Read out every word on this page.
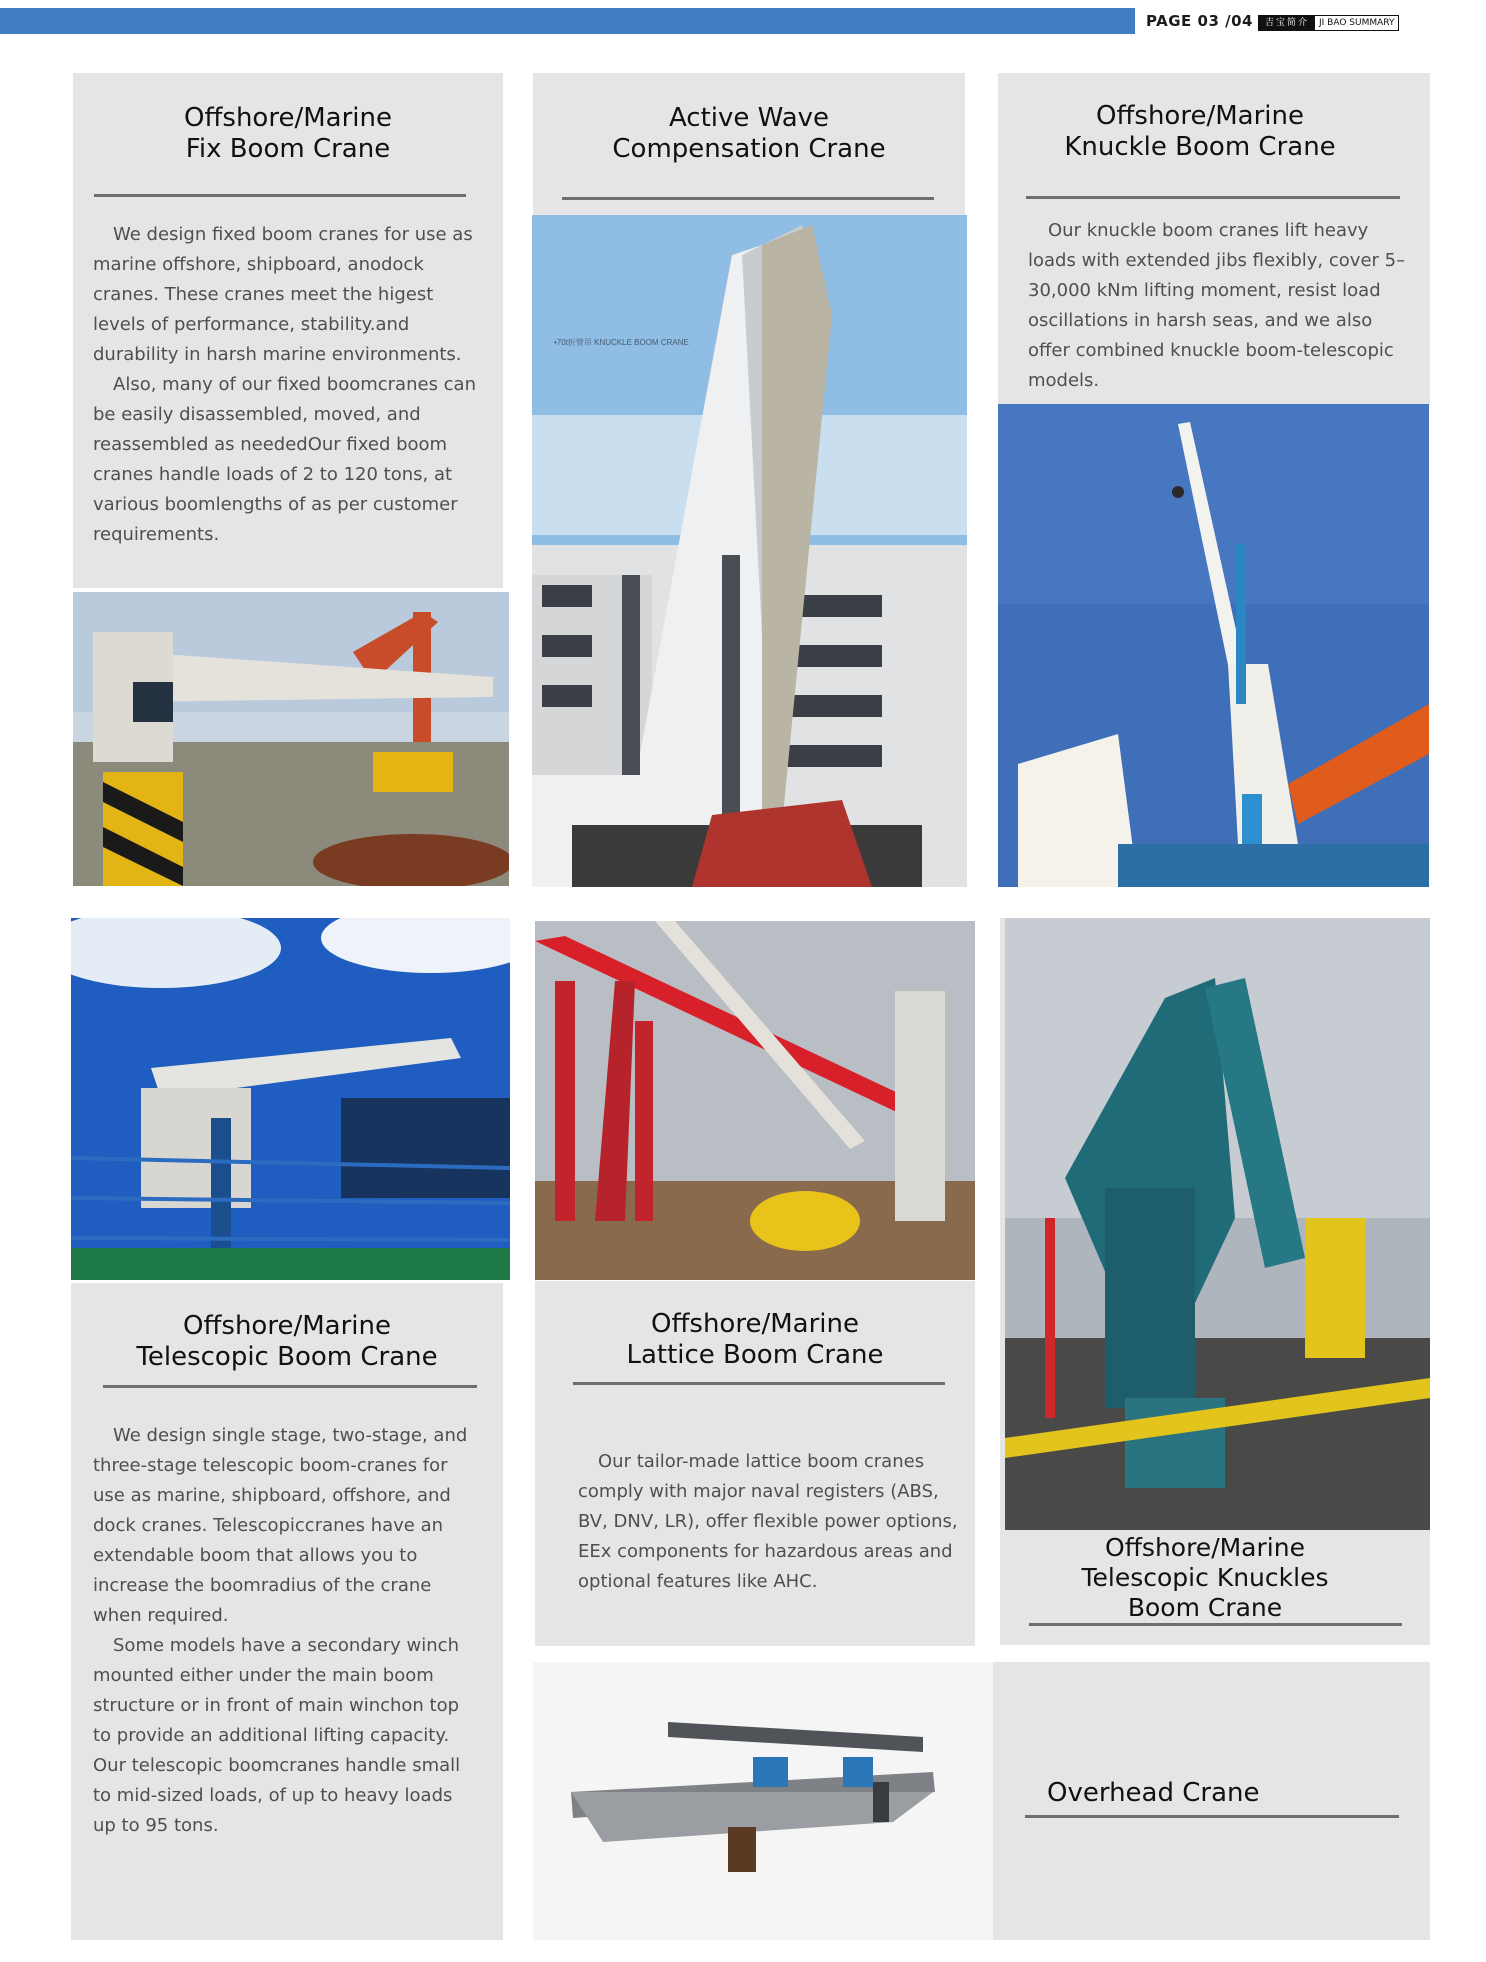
PAGE 03 /04	吉宝简介	JI BAO SUMMARY
Offshore/Marine
Fix Boom Crane

We design fixed boom cranes for use as marine offshore, shipboard, anodock cranes. These cranes meet the higest levels of performance, stability.and durability in harsh marine environments.

Also, many of our fixed boomcranes can be easily disassembled, moved, and reassembled as neededOur fixed boom cranes handle loads of 2 to 120 tons, at various boomlengths of as per customer requirements.

Active Wave
Compensation Crane
•70t折臂吊 KNUCKLE BOOM CRANE
Offshore/Marine
Knuckle Boom Crane

Our knuckle boom cranes lift heavy loads with extended jibs flexibly, cover 5–30,000 kNm lifting moment, resist load oscillations in harsh seas, and we also offer combined knuckle boom-telescopic models.

Offshore/Marine
Telescopic Boom Crane

We design single stage, two-stage, and three-stage telescopic boom-cranes for use as marine, shipboard, offshore, and dock cranes. Telescopiccranes have an extendable boom that allows you to increase the boomradius of the crane when required.

Some models have a secondary winch mounted either under the main boom structure or in front of main winchon top to provide an additional lifting capacity. Our telescopic boomcranes handle small to mid-sized loads, of up to heavy loads up to 95 tons.

Offshore/Marine
Lattice Boom Crane

Our tailor-made lattice boom cranes comply with major naval registers (ABS, BV, DNV, LR), offer flexible power options, EEx components for hazardous areas and optional features like AHC.

Offshore/Marine
Telescopic Knuckles
Boom Crane
Overhead Crane
